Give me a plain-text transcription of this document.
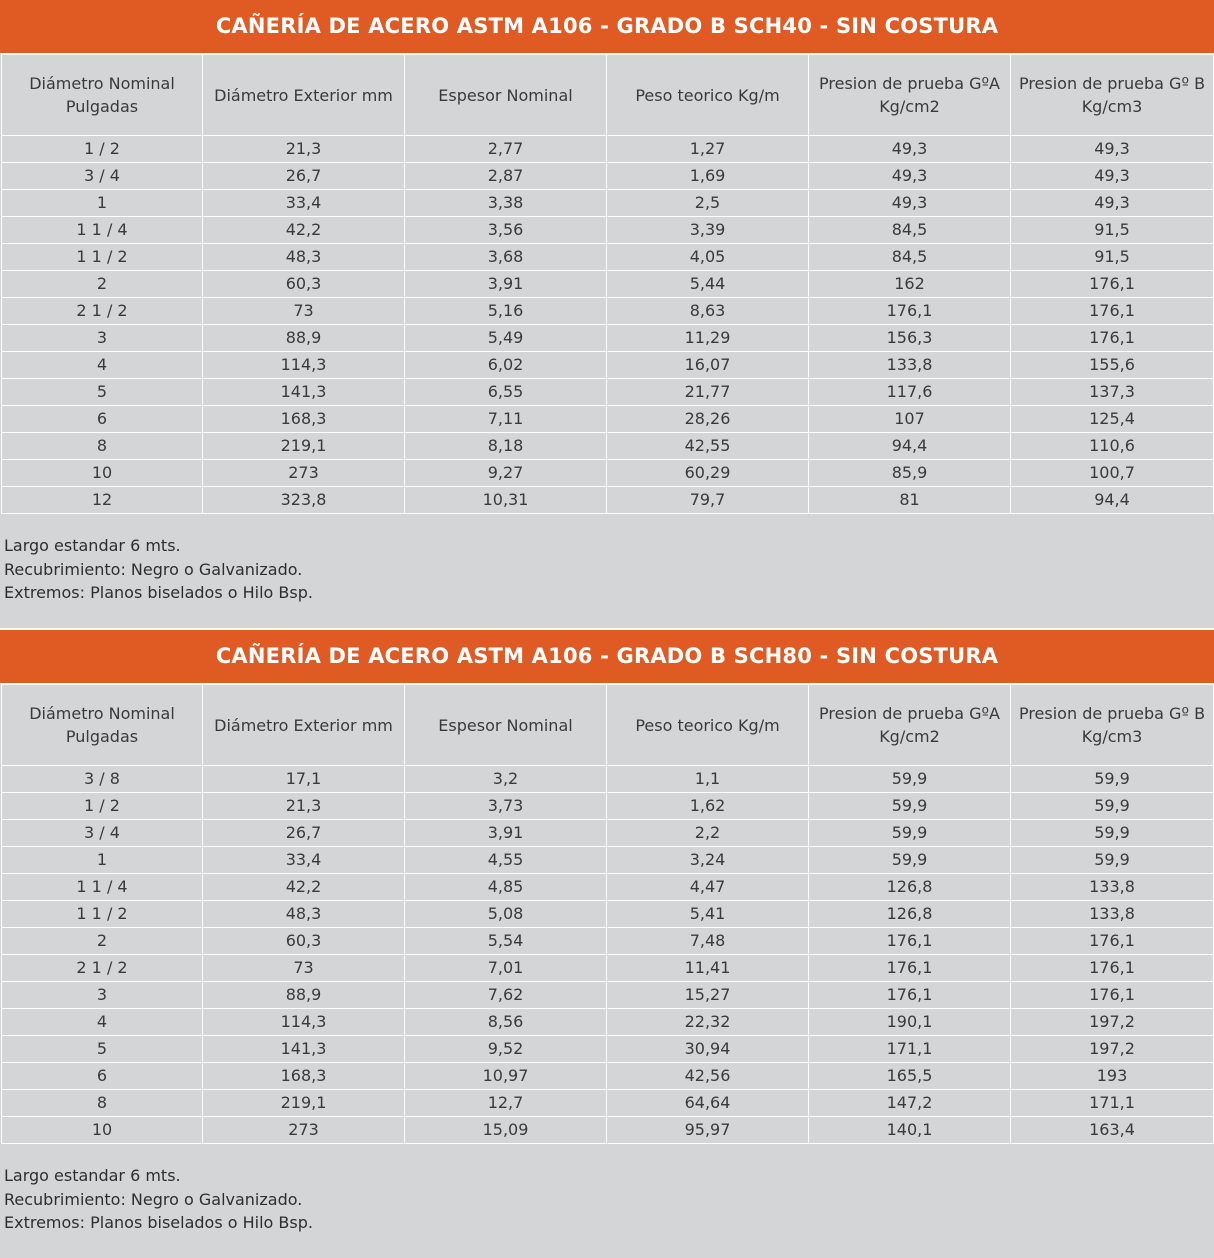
CAÑERÍA DE ACERO ASTM A106 - GRADO B SCH40 - SIN COSTURA
Diámetro Nominal Pulgadas	Diámetro Exterior mm	Espesor Nominal	Peso teorico Kg/m	Presion de prueba GºA Kg/cm2	Presion de prueba Gº B Kg/cm3
1 / 2	21,3	2,77	1,27	49,3	49,3
3 / 4	26,7	2,87	1,69	49,3	49,3
1	33,4	3,38	2,5	49,3	49,3
1 1 / 4	42,2	3,56	3,39	84,5	91,5
1 1 / 2	48,3	3,68	4,05	84,5	91,5
2	60,3	3,91	5,44	162	176,1
2 1 / 2	73	5,16	8,63	176,1	176,1
3	88,9	5,49	11,29	156,3	176,1
4	114,3	6,02	16,07	133,8	155,6
5	141,3	6,55	21,77	117,6	137,3
6	168,3	7,11	28,26	107	125,4
8	219,1	8,18	42,55	94,4	110,6
10	273	9,27	60,29	85,9	100,7
12	323,8	10,31	79,7	81	94,4
Largo estandar 6 mts.
Recubrimiento: Negro o Galvanizado.
Extremos: Planos biselados o Hilo Bsp.
CAÑERÍA DE ACERO ASTM A106 - GRADO B SCH80 - SIN COSTURA
Diámetro Nominal Pulgadas	Diámetro Exterior mm	Espesor Nominal	Peso teorico Kg/m	Presion de prueba GºA Kg/cm2	Presion de prueba Gº B Kg/cm3
3 / 8	17,1	3,2	1,1	59,9	59,9
1 / 2	21,3	3,73	1,62	59,9	59,9
3 / 4	26,7	3,91	2,2	59,9	59,9
1	33,4	4,55	3,24	59,9	59,9
1 1 / 4	42,2	4,85	4,47	126,8	133,8
1 1 / 2	48,3	5,08	5,41	126,8	133,8
2	60,3	5,54	7,48	176,1	176,1
2 1 / 2	73	7,01	11,41	176,1	176,1
3	88,9	7,62	15,27	176,1	176,1
4	114,3	8,56	22,32	190,1	197,2
5	141,3	9,52	30,94	171,1	197,2
6	168,3	10,97	42,56	165,5	193
8	219,1	12,7	64,64	147,2	171,1
10	273	15,09	95,97	140,1	163,4
Largo estandar 6 mts.
Recubrimiento: Negro o Galvanizado.
Extremos: Planos biselados o Hilo Bsp.
